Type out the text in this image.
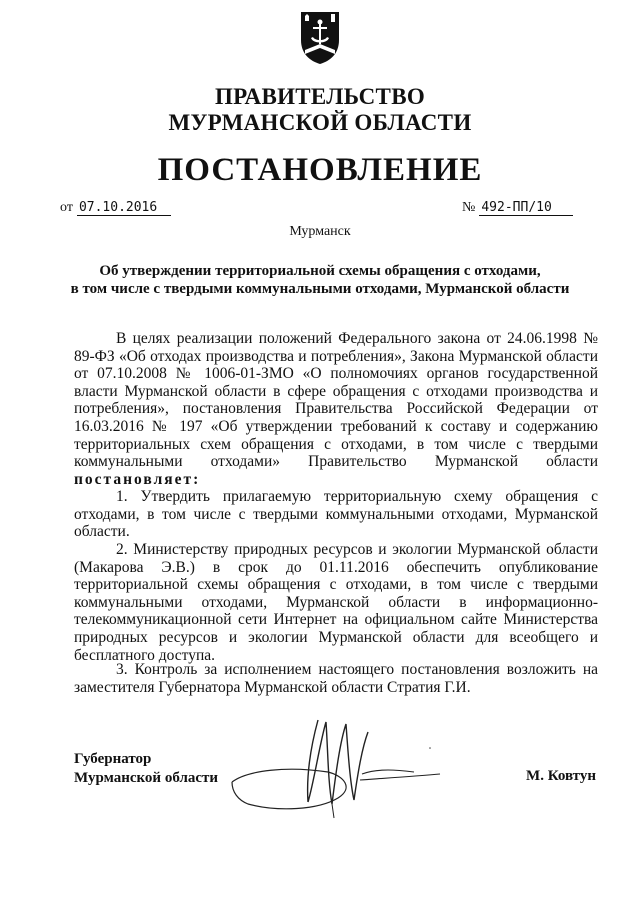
ПРАВИТЕЛЬСТВО
МУРМАНСКОЙ ОБЛАСТИ
ПОСТАНОВЛЕНИЕ
от 07.10.2016	№ 492-ПП/10
Мурманск
Об утверждении территориальной схемы обращения с отходами,
в том числе с твердыми коммунальными отходами, Мурманской области
В целях реализации положений Федерального закона от 24.06.1998 № 89-ФЗ «Об отходах производства и потребления», Закона Мурманской области от 07.10.2008 № 1006-01-ЗМО «О полномочиях органов государственной власти Мурманской области в сфере обращения с отходами производства и потребления», постановления Правительства Российской Федерации от 16.03.2016 № 197 «Об утверждении требований к составу и содержанию территориальных схем обращения с отходами, в том числе с твердыми коммунальными отходами» Правительство Мурманской области постановляет:
1. Утвердить прилагаемую территориальную схему обращения с отходами, в том числе с твердыми коммунальными отходами, Мурманской области.
2. Министерству природных ресурсов и экологии Мурманской области (Макарова Э.В.) в срок до 01.11.2016 обеспечить опубликование территориальной схемы обращения с отходами, в том числе с твердыми коммунальными отходами, Мурманской области в информационно-телекоммуникационной сети Интернет на официальном сайте Министерства природных ресурсов и экологии Мурманской области для всеобщего и бесплатного доступа.
3. Контроль за исполнением настоящего постановления возложить на заместителя Губернатора Мурманской области Стратия Г.И.
Губернатор
Мурманской области	М. Ковтун
